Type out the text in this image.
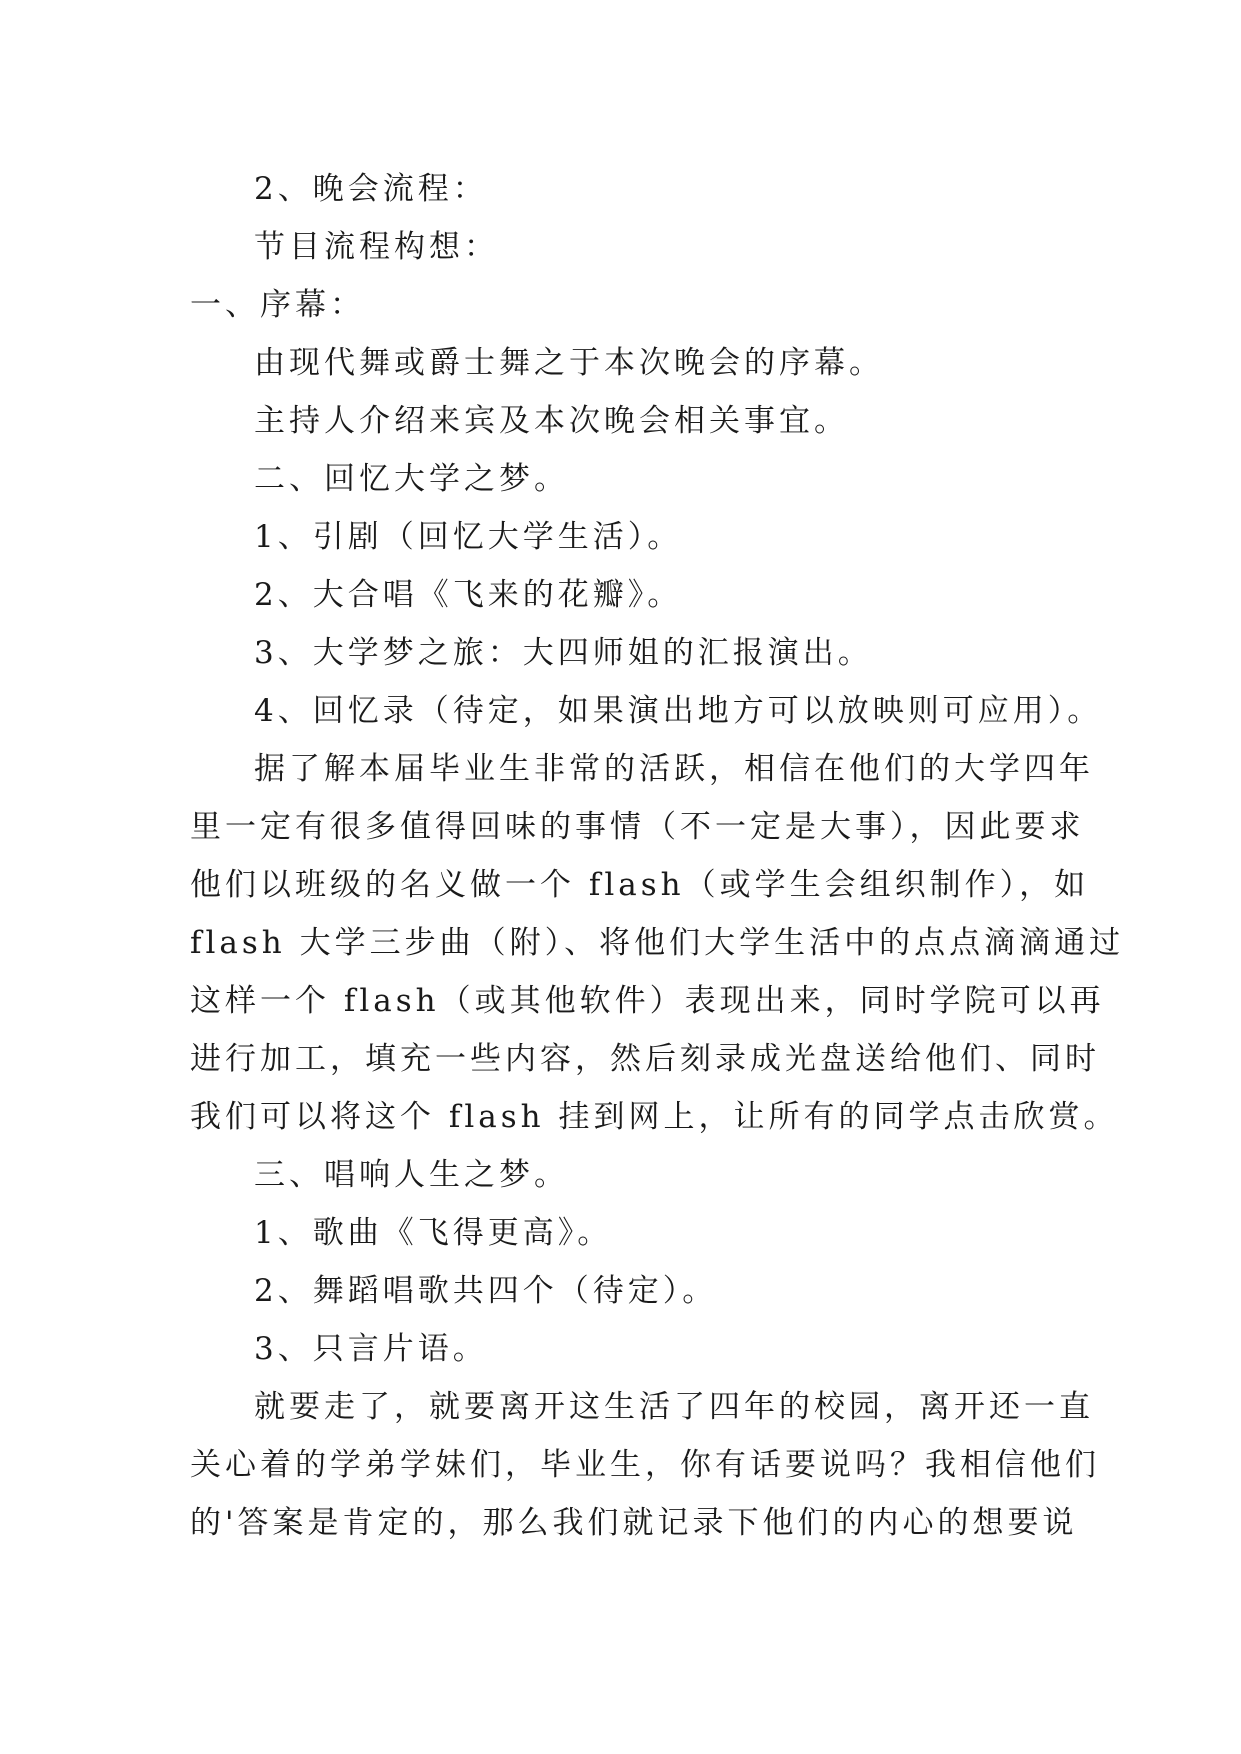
2、晚会流程：
节目流程构想：
一、序幕：
由现代舞或爵士舞之于本次晚会的序幕。
主持人介绍来宾及本次晚会相关事宜。
二、回忆大学之梦。
1、引剧（回忆大学生活）。
2、大合唱《飞来的花瓣》。
3、大学梦之旅：大四师姐的汇报演出。
4、回忆录（待定，如果演出地方可以放映则可应用）。
据了解本届毕业生非常的活跃，相信在他们的大学四年
里一定有很多值得回味的事情（不一定是大事），因此要求
他们以班级的名义做一个 flash（或学生会组织制作），如
flash 大学三步曲（附）、将他们大学生活中的点点滴滴通过
这样一个 flash（或其他软件）表现出来，同时学院可以再
进行加工，填充一些内容，然后刻录成光盘送给他们、同时
我们可以将这个 flash 挂到网上，让所有的同学点击欣赏。
三、唱响人生之梦。
1、歌曲《飞得更高》。
2、舞蹈唱歌共四个（待定）。
3、只言片语。
就要走了，就要离开这生活了四年的校园，离开还一直
关心着的学弟学妹们，毕业生，你有话要说吗？我相信他们
的'答案是肯定的，那么我们就记录下他们的内心的想要说
